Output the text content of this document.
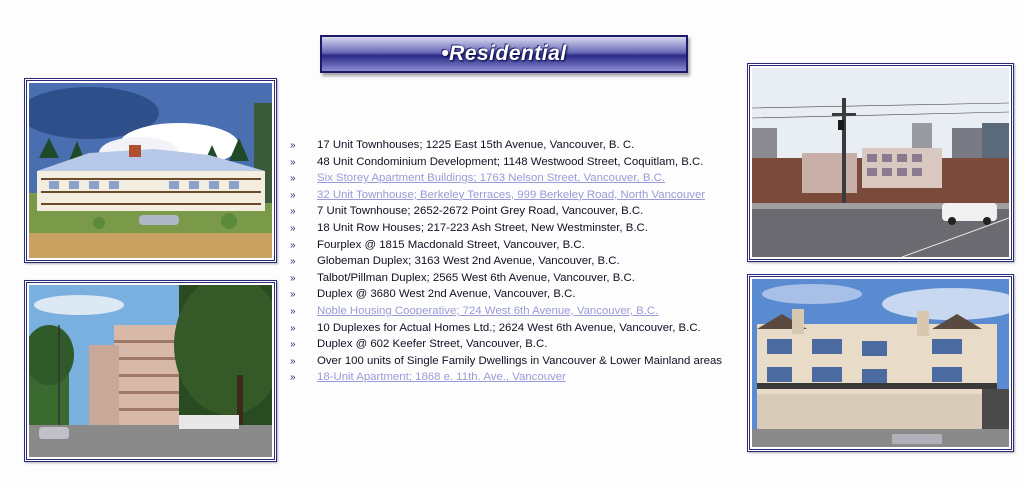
•Residential
» 17 Unit Townhouses; 1225 East 15th Avenue, Vancouver, B. C.
» 48 Unit Condominium Development; 1148 Westwood Street, Coquitlam, B.C.
» Six Storey Apartment Buildings; 1763 Nelson Street, Vancouver, B.C.
» 32 Unit Townhouse; Berkeley Terraces, 999 Berkeley Road, North Vancouver
» 7 Unit Townhouse; 2652-2672 Point Grey Road, Vancouver, B.C.
» 18 Unit Row Houses; 217-223 Ash Street, New Westminster, B.C.
» Fourplex @ 1815 Macdonald Street, Vancouver, B.C.
» Globeman Duplex; 3163 West 2nd Avenue, Vancouver, B.C.
» Talbot/Pillman Duplex; 2565 West 6th Avenue, Vancouver, B.C.
» Duplex @ 3680 West 2nd Avenue, Vancouver, B.C.
» Noble Housing Cooperative; 724 West 6th Avenue, Vancouver, B.C.
» 10 Duplexes for Actual Homes Ltd.; 2624 West 6th Avenue, Vancouver, B.C.
» Duplex @ 602 Keefer Street, Vancouver, B.C.
» Over 100 units of Single Family Dwellings in Vancouver & Lower Mainland areas
» 18-Unit Apartment; 1868 e. 11th. Ave., Vancouver
